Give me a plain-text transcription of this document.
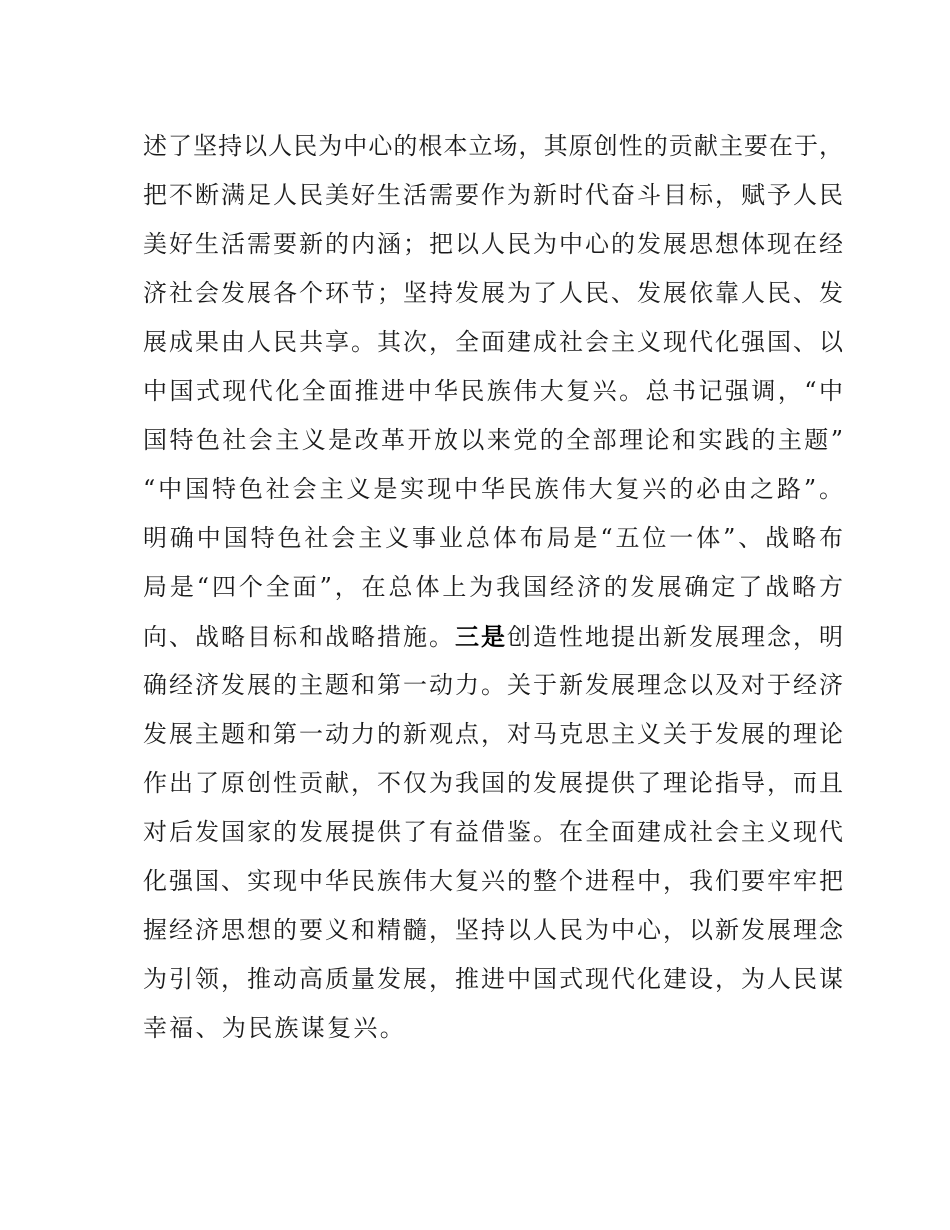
述了坚持以人民为中心的根本立场，其原创性的贡献主要在于，
把不断满足人民美好生活需要作为新时代奋斗目标，赋予人民
美好生活需要新的内涵；把以人民为中心的发展思想体现在经
济社会发展各个环节；坚持发展为了人民、发展依靠人民、发
展成果由人民共享。其次，全面建成社会主义现代化强国、以
中国式现代化全面推进中华民族伟大复兴。总书记强调，“中
国特色社会主义是改革开放以来党的全部理论和实践的主题”
“中国特色社会主义是实现中华民族伟大复兴的必由之路”。
明确中国特色社会主义事业总体布局是“五位一体”、战略布
局是“四个全面”，在总体上为我国经济的发展确定了战略方
向、战略目标和战略措施。三是创造性地提出新发展理念，明
确经济发展的主题和第一动力。关于新发展理念以及对于经济
发展主题和第一动力的新观点，对马克思主义关于发展的理论
作出了原创性贡献，不仅为我国的发展提供了理论指导，而且
对后发国家的发展提供了有益借鉴。在全面建成社会主义现代
化强国、实现中华民族伟大复兴的整个进程中，我们要牢牢把
握经济思想的要义和精髓，坚持以人民为中心，以新发展理念
为引领，推动高质量发展，推进中国式现代化建设，为人民谋
幸福、为民族谋复兴。
